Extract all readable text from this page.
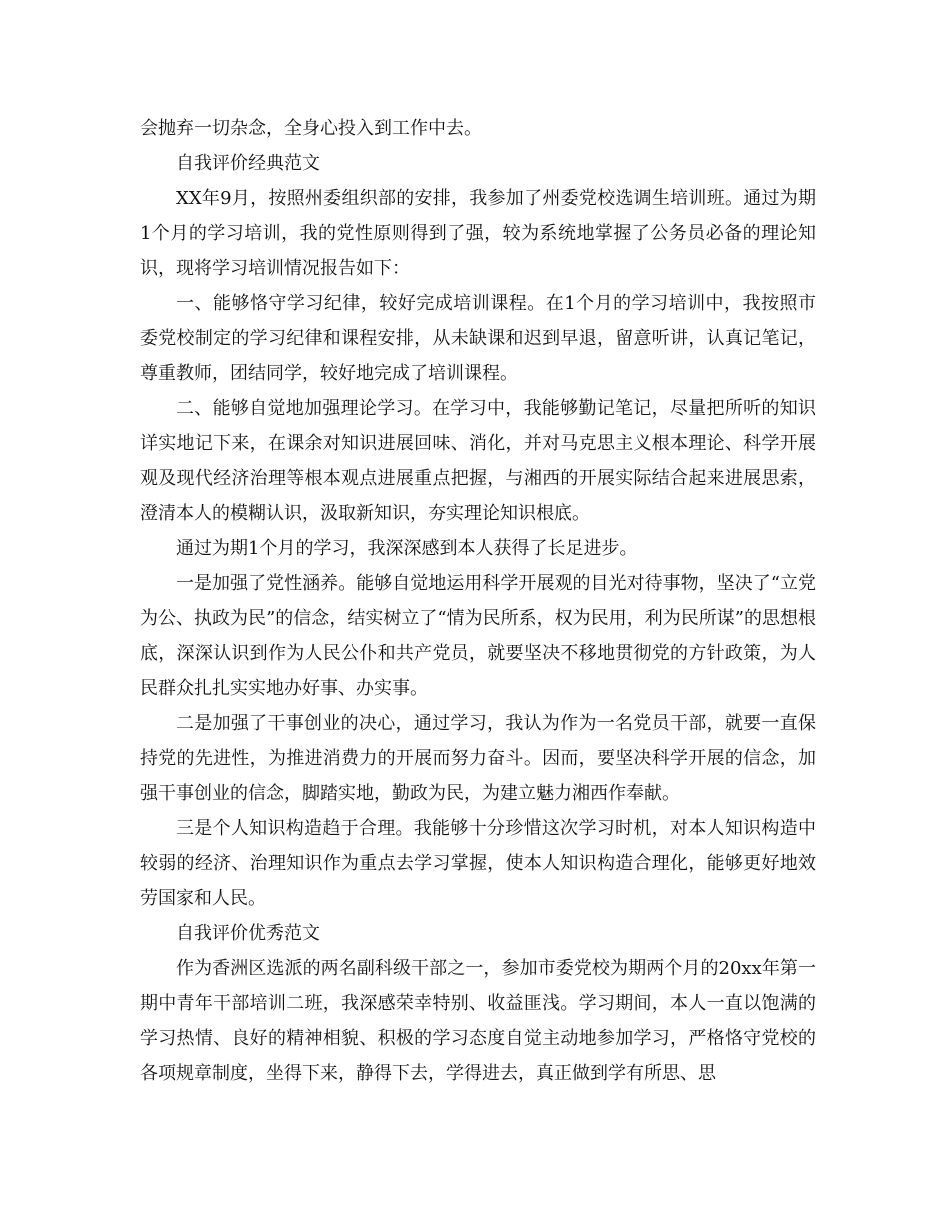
会抛弃一切杂念，全身心投入到工作中去。

自我评价经典范文

XX年9月，按照州委组织部的安排，我参加了州委党校选调生培训班。通过为期1个月的学习培训，我的党性原则得到了强，较为系统地掌握了公务员必备的理论知识，现将学习培训情况报告如下：

一、能够恪守学习纪律，较好完成培训课程。在1个月的学习培训中，我按照市委党校制定的学习纪律和课程安排，从未缺课和迟到早退，留意听讲，认真记笔记，尊重教师，团结同学，较好地完成了培训课程。

二、能够自觉地加强理论学习。在学习中，我能够勤记笔记，尽量把所听的知识详实地记下来，在课余对知识进展回味、消化，并对马克思主义根本理论、科学开展观及现代经济治理等根本观点进展重点把握，与湘西的开展实际结合起来进展思索，澄清本人的模糊认识，汲取新知识，夯实理论知识根底。

通过为期1个月的学习，我深深感到本人获得了长足进步。

一是加强了党性涵养。能够自觉地运用科学开展观的目光对待事物，坚决了“立党为公、执政为民”的信念，结实树立了“情为民所系，权为民用，利为民所谋”的思想根底，深深认识到作为人民公仆和共产党员，就要坚决不移地贯彻党的方针政策，为人民群众扎扎实实地办好事、办实事。

二是加强了干事创业的决心，通过学习，我认为作为一名党员干部，就要一直保持党的先进性，为推进消费力的开展而努力奋斗。因而，要坚决科学开展的信念，加强干事创业的信念，脚踏实地，勤政为民，为建立魅力湘西作奉献。

三是个人知识构造趋于合理。我能够十分珍惜这次学习时机，对本人知识构造中较弱的经济、治理知识作为重点去学习掌握，使本人知识构造合理化，能够更好地效劳国家和人民。

自我评价优秀范文

作为香洲区选派的两名副科级干部之一，参加市委党校为期两个月的20xx年第一期中青年干部培训二班，我深感荣幸特别、收益匪浅。学习期间，本人一直以饱满的学习热情、良好的精神相貌、积极的学习态度自觉主动地参加学习，严格恪守党校的各项规章制度，坐得下来，静得下去，学得进去，真正做到学有所思、思
